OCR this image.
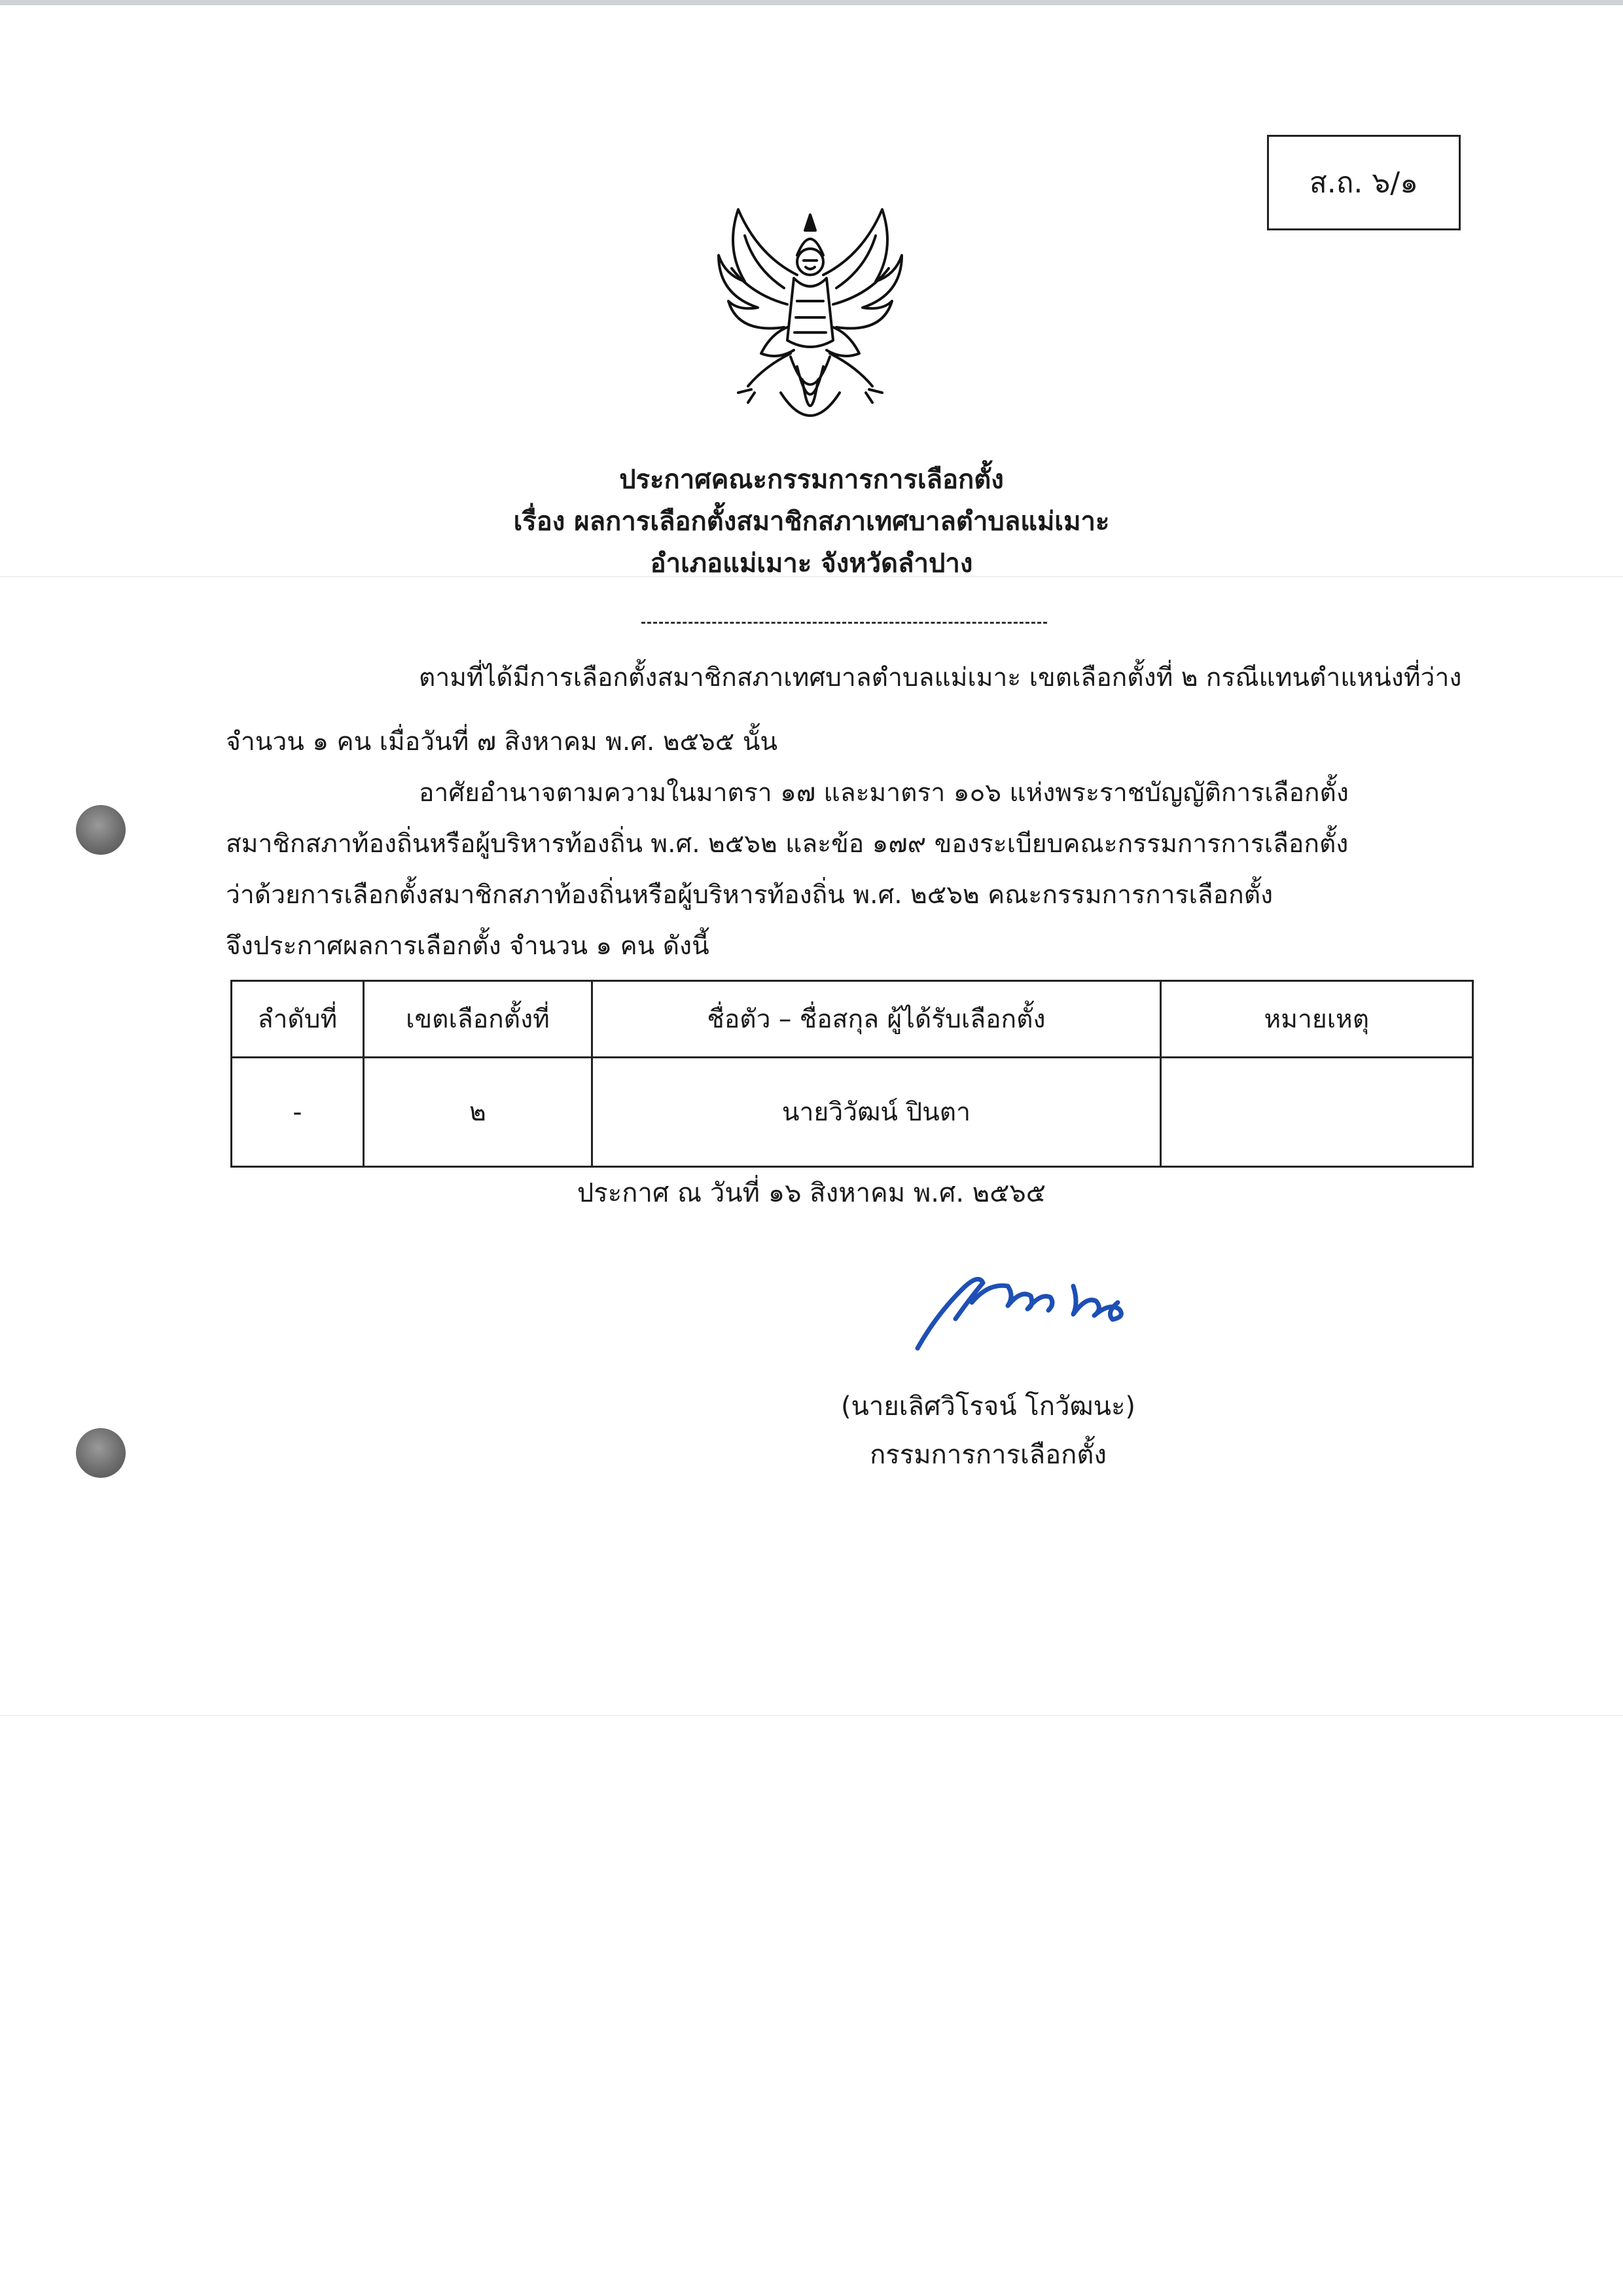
ส.ถ. ๖/๑
ประกาศคณะกรรมการการเลือกตั้ง
เรื่อง ผลการเลือกตั้งสมาชิกสภาเทศบาลตำบลแม่เมาะ
อำเภอแม่เมาะ จังหวัดลำปาง
ตามที่ได้มีการเลือกตั้งสมาชิกสภาเทศบาลตำบลแม่เมาะ เขตเลือกตั้งที่ ๒ กรณีแทนตำแหน่งที่ว่าง
จำนวน ๑ คน เมื่อวันที่ ๗ สิงหาคม พ.ศ. ๒๕๖๕ นั้น
อาศัยอำนาจตามความในมาตรา ๑๗ และมาตรา ๑๐๖ แห่งพระราชบัญญัติการเลือกตั้ง
สมาชิกสภาท้องถิ่นหรือผู้บริหารท้องถิ่น พ.ศ. ๒๕๖๒ และข้อ ๑๗๙ ของระเบียบคณะกรรมการการเลือกตั้ง
ว่าด้วยการเลือกตั้งสมาชิกสภาท้องถิ่นหรือผู้บริหารท้องถิ่น พ.ศ. ๒๕๖๒ คณะกรรมการการเลือกตั้ง
จึงประกาศผลการเลือกตั้ง จำนวน ๑ คน ดังนี้
ลำดับที่	เขตเลือกตั้งที่	ชื่อตัว – ชื่อสกุล ผู้ได้รับเลือกตั้ง	หมายเหตุ
-	๒	นายวิวัฒน์ ปินตา	
ประกาศ ณ วันที่ ๑๖ สิงหาคม พ.ศ. ๒๕๖๕
(นายเลิศวิโรจน์ โกวัฒนะ)
กรรมการการเลือกตั้ง
